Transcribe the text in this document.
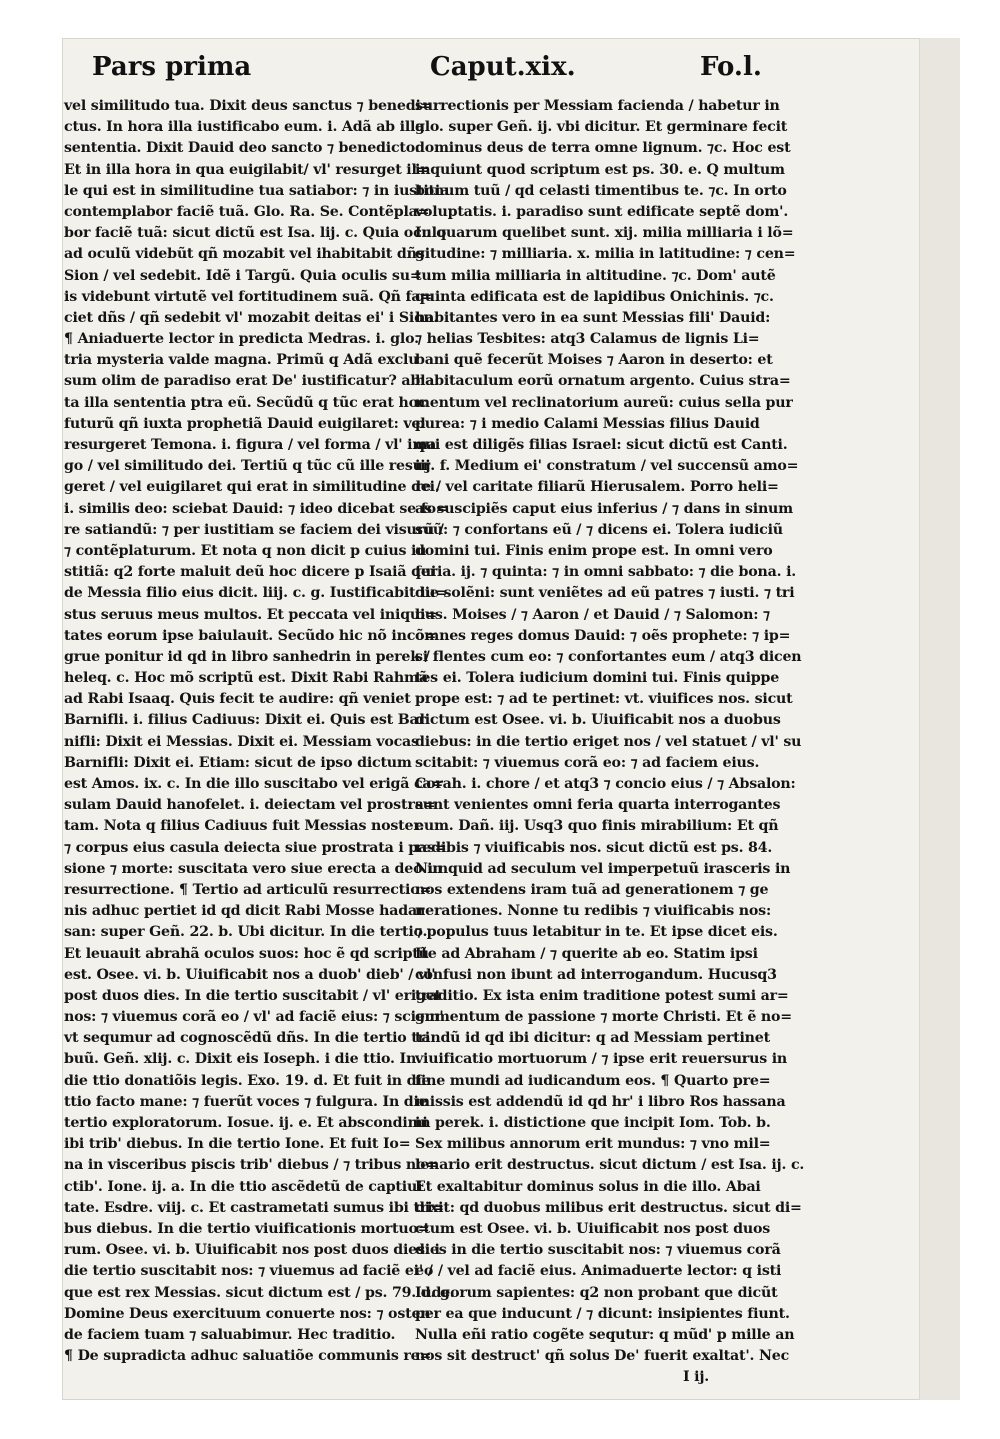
Pars prima	Caput.xix.	Fo.l.
vel similitudo tua. Dixit deus sanctus ⁊ benedi=
ctus. In hora illa iustificabo eum. i. Adã ab illa
sententia. Dixit Dauid deo sancto ⁊ benedicto.
Et in illa hora in qua euigilabit/ vl' resurget il=
le qui est in similitudine tua satiabor: ⁊ in iustitia
contemplabor faciẽ tuã. Glo. Ra. Se. Contẽpla=
bor faciẽ tuã: sicut dictũ est Isa. lij. c. Quia oculo
ad oculũ videbũt qñ mozabit vel ihabitabit dñs
Sion / vel sedebit. Idẽ i Targũ. Quia oculis su=
is videbunt virtutẽ vel fortitudinem suã. Qñ fa=
ciet dñs / qñ sedebit vl' mozabit deitas ei' i Sion.
¶ Aniaduerte lector in predicta Medras. i. glo.
tria mysteria valde magna. Primũ q Adã exclu
sum olim de paradiso erat De' iustificatur? abla
ta illa sententia ptra eũ. Secũdũ q tũc erat hoc
futurũ qñ iuxta prophetiã Dauid euigilaret: vel
resurgeret Temona. i. figura / vel forma / vl' ima
go / vel similitudo dei. Tertiũ q tũc cũ ille resur
geret / vel euigilaret qui erat in similitudine dei.
i. similis deo: sciebat Dauid: ⁊ ideo dicebat se fo=
re satiandũ: ⁊ per iustitiam se faciem dei visurũ /
⁊ contẽplaturum. Et nota q non dicit p cuius iu
stitiã: q2 forte maluit deũ hoc dicere p Isaiã qui
de Messia filio eius dicit. liij. c. g. Iustificabit iu=
stus seruus meus multos. Et peccata vel iniqui=
tates eorum ipse baiulauit. Secũdo hic nõ incõ=
grue ponitur id qd in libro sanhedrin in perek /
heleq. c. Hoc mõ scriptũ est. Dixit Rabi Rahmã
ad Rabi Isaaq. Quis fecit te audire: qñ veniet
Barnifli. i. filius Cadiuus: Dixit ei. Quis est Bar
nifli: Dixit ei Messias. Dixit ei. Messiam vocas
Barnifli: Dixit ei. Etiam: sicut de ipso dictum
est Amos. ix. c. In die illo suscitabo vel erigã ca=
sulam Dauid hanofelet. i. deiectam vel prostra=
tam. Nota q filius Cadiuus fuit Messias noster.
⁊ corpus eius casula deiecta siue prostrata i pas=
sione ⁊ morte: suscitata vero siue erecta a deo in
resurrectione. ¶ Tertio ad articulũ resurrectio=
nis adhuc pertiet id qd dicit Rabi Mosse hadar
san: super Geñ. 22. b. Ubi dicitur. In die tertio.
Et leuauit abrahã oculos suos: hoc ẽ qd scriptũ
est. Osee. vi. b. Uiuificabit nos a duob' dieb' / vl'
post duos dies. In die tertio suscitabit / vl' eriget
nos: ⁊ viuemus corã eo / vl' ad faciẽ eius: ⁊ sciem'
vt sequmur ad cognoscẽdũ dñs. In die tertio tri
buũ. Geñ. xlij. c. Dixit eis Ioseph. i die ttio. In
die ttio donatiõis legis. Exo. 19. d. Et fuit in die
ttio facto mane: ⁊ fuerũt voces ⁊ fulgura. In die
tertio exploratorum. Iosue. ij. e. Et abscondimi
ibi trib' diebus. In die tertio Ione. Et fuit Io=
na in visceribus piscis trib' diebus / ⁊ tribus no=
ctib'. Ione. ij. a. In die ttio ascẽdetũ de captiui
tate. Esdre. viij. c. Et castrametati sumus ibi tri=
bus diebus. In die tertio viuificationis mortuo=
rum. Osee. vi. b. Uiuificabit nos post duos dies: i
die tertio suscitabit nos: ⁊ viuemus ad faciẽ ei' /
que est rex Messias. sicut dictum est / ps. 79. d. g.
Domine Deus exercituum conuerte nos: ⁊ osten
de faciem tuam ⁊ saluabimur. Hec traditio.
¶ De supradicta adhuc saluatiõe communis re=
surrectionis per Messiam facienda / habetur in
glo. super Geñ. ij. vbi dicitur. Et germinare fecit
dominus deus de terra omne lignum. ⁊c. Hoc est
inquiunt quod scriptum est ps. 30. e. Q multum
bonum tuũ / qd celasti timentibus te. ⁊c. In orto
voluptatis. i. paradiso sunt edificate septẽ dom'.
In quarum quelibet sunt. xij. milia milliaria i lõ=
gitudine: ⁊ milliaria. x. milia in latitudine: ⁊ cen=
tum milia milliaria in altitudine. ⁊c. Dom' autẽ
quinta edificata est de lapidibus Onichinis. ⁊c.
habitantes vero in ea sunt Messias fili' Dauid:
⁊ helias Tesbites: atq3 Calamus de lignis Li=
bani quẽ fecerũt Moises ⁊ Aaron in deserto: et
habitaculum eorũ ornatum argento. Cuius stra=
mentum vel reclinatorium aureũ: cuius sella pur
purea: ⁊ i medio Calami Messias filius Dauid
qui est diligẽs filias Israel: sicut dictũ est Canti.
iij. f. Medium ei' constratum / vel succensũ amo=
re / vel caritate filiarũ Hierusalem. Porro heli=
as suscipiẽs caput eius inferius / ⁊ dans in sinum
suũ: ⁊ confortans eũ / ⁊ dicens ei. Tolera iudiciũ
domini tui. Finis enim prope est. In omni vero
feria. ij. ⁊ quinta: ⁊ in omni sabbato: ⁊ die bona. i.
die solẽni: sunt veniẽtes ad eũ patres ⁊ iusti. ⁊ tri
bus. Moises / ⁊ Aaron / et Dauid / ⁊ Salomon: ⁊
omnes reges domus Dauid: ⁊ oẽs prophete: ⁊ ip=
si flentes cum eo: ⁊ confortantes eum / atq3 dicen
tes ei. Tolera iudicium domini tui. Finis quippe
prope est: ⁊ ad te pertinet: vt. viuifices nos. sicut
dictum est Osee. vi. b. Uiuificabit nos a duobus
diebus: in die tertio eriget nos / vel statuet / vl' su
scitabit: ⁊ viuemus corã eo: ⁊ ad faciem eius.
Corah. i. chore / et atq3 ⁊ concio eius / ⁊ Absalon:
sunt venientes omni feria quarta interrogantes
eum. Dañ. iij. Usq3 quo finis mirabilium: Et qñ
redibis ⁊ viuificabis nos. sicut dictũ est ps. 84.
Nunquid ad seculum vel imperpetuũ irasceris in
nos extendens iram tuã ad generationem ⁊ ge
nerationes. Nonne tu redibis ⁊ viuificabis nos:
⁊ populus tuus letabitur in te. Et ipse dicet eis.
Ite ad Abraham / ⁊ querite ab eo. Statim ipsi
confusi non ibunt ad interrogandum. Hucusq3
traditio. Ex ista enim traditione potest sumi ar=
gumentum de passione ⁊ morte Christi. Et ẽ no=
tandũ id qd ibi dicitur: q ad Messiam pertinet
viuificatio mortuorum / ⁊ ipse erit reuersurus in
fine mundi ad iudicandum eos. ¶ Quarto pre=
missis est addendũ id qd hr' i libro Ros hassana
in perek. i. distictione que incipit Iom. Tob. b.
Sex milibus annorum erit mundus: ⁊ vno mil=
lenario erit destructus. sicut dictum / est Isa. ij. c.
Et exaltabitur dominus solus in die illo. Abai
dixit: qd duobus milibus erit destructus. sicut di=
ctum est Osee. vi. b. Uiuificabit nos post duos
dies in die tertio suscitabit nos: ⁊ viuemus corã
eo / vel ad faciẽ eius. Animaduerte lector: q isti
Iudeorum sapientes: q2 non probant que dicũt
per ea que inducunt / ⁊ dicunt: insipientes fiunt.
Nulla eñi ratio cogẽte sequtur: q mũd' p mille an
nos sit destruct' qñ solus De' fuerit exaltat'. Nec
I ij.
